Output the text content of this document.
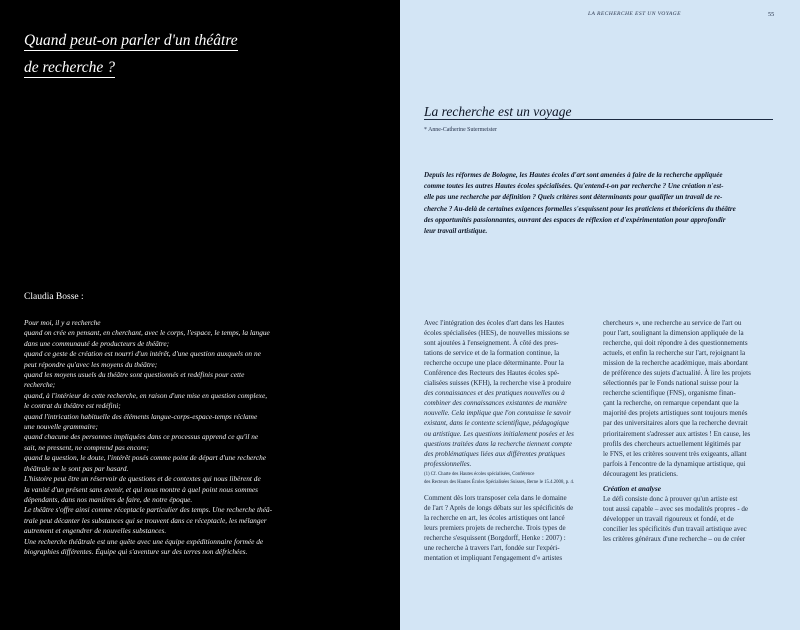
Quand peut-on parler d'un théâtre
de recherche ?
Claudia Bosse :
Pour moi, il y a recherche
quand on crée en pensant, en cherchant, avec le corps, l'espace, le temps, la langue
dans une communauté de producteurs de théâtre;
quand ce geste de création est nourri d'un intérêt, d'une question auxquels on ne
peut répondre qu'avec les moyens du théâtre;
quand les moyens usuels du théâtre sont questionnés et redéfinis pour cette
recherche;
quand, à l'intérieur de cette recherche, en raison d'une mise en question complexe,
le contrat du théâtre est redéfini;
quand l'intrication habituelle des éléments langue-corps-espace-temps réclame
une nouvelle grammaire;
quand chacune des personnes impliquées dans ce processus apprend ce qu'il ne
sait, ne pressent, ne comprend pas encore;
quand la question, le doute, l'intérêt posés comme point de départ d'une recherche
théâtrale ne le sont pas par hasard.
L'histoire peut être un réservoir de questions et de contextes qui nous libèrent de
la vanité d'un présent sans avenir, et qui nous montre à quel point nous sommes
dépendants, dans nos manières de faire, de notre époque.
Le théâtre s'offre ainsi comme réceptacle particulier des temps. Une recherche théâ-
trale peut décanter les substances qui se trouvent dans ce réceptacle, les mélanger
autrement et engendrer de nouvelles substances.
Une recherche théâtrale est une quête avec une équipe expéditionnaire formée de
biographies différentes. Équipe qui s'aventure sur des terres non défrichées.
LA RECHERCHE EST UN VOYAGE	55
La recherche est un voyage
* Anne-Catherine Sutermeister
Depuis les réformes de Bologne, les Hautes écoles d'art sont amenées à faire de la recherche appliquée
comme toutes les autres Hautes écoles spécialisées. Qu'entend-t-on par recherche ? Une création n'est-
elle pas une recherche par définition ? Quels critères sont déterminants pour qualifier un travail de re-
cherche ? Au-delà de certaines exigences formelles s'esquissent pour les praticiens et théoriciens du théâtre
des opportunités passionnantes, ouvrant des espaces de réflexion et d'expérimentation pour approfondir
leur travail artistique.
Avec l'intégration des écoles d'art dans les Hautes
écoles spécialisées (HES), de nouvelles missions se
sont ajoutées à l'enseignement. À côté des pres-
tations de service et de la formation continue, la
recherche occupe une place déterminante. Pour la
Conférence des Recteurs des Hautes écoles spé-
cialisées suisses (KFH), la recherche vise à produire
des connaissances et des pratiques nouvelles ou à
combiner des connaissances existantes de manière
nouvelle. Cela implique que l'on connaisse le savoir
existant, dans le contexte scientifique, pédagogique
ou artistique. Les questions initialement posées et les
questions traitées dans la recherche tiennent compte
des problématiques liées aux différentes pratiques
professionnelles.
(1) Cf. Charte des Hautes écoles spécialisées, Conférence
des Recteurs des Hautes Écoles Spécialisées Suisses, Berne le 15.4.2008, p. 4.
Comment dès lors transposer cela dans le domaine
de l'art ? Après de longs débats sur les spécificités de
la recherche en art, les écoles artistiques ont lancé
leurs premiers projets de recherche. Trois types de
recherche s'esquissent (Borgdorff, Henke : 2007) :
une recherche à travers l'art, fondée sur l'expéri-
mentation et impliquant l'engagement d'« artistes
chercheurs », une recherche au service de l'art ou
pour l'art, soulignant la dimension appliquée de la
recherche, qui doit répondre à des questionnements
actuels, et enfin la recherche sur l'art, rejoignant la
mission de la recherche académique, mais abordant
de préférence des sujets d'actualité. À lire les projets
sélectionnés par le Fonds national suisse pour la
recherche scientifique (FNS), organisme finan-
çant la recherche, on remarque cependant que la
majorité des projets artistiques sont toujours menés
par des universitaires alors que la recherche devrait
prioritairement s'adresser aux artistes ! En cause, les
profils des chercheurs actuellement légitimés par
le FNS, et les critères souvent très exigeants, allant
parfois à l'encontre de la dynamique artistique, qui
découragent les praticiens.
Création et analyse
Le défi consiste donc à prouver qu'un artiste est
tout aussi capable – avec ses modalités propres - de
développer un travail rigoureux et fondé, et de
concilier les spécificités d'un travail artistique avec
les critères généraux d'une recherche – ou de créer
